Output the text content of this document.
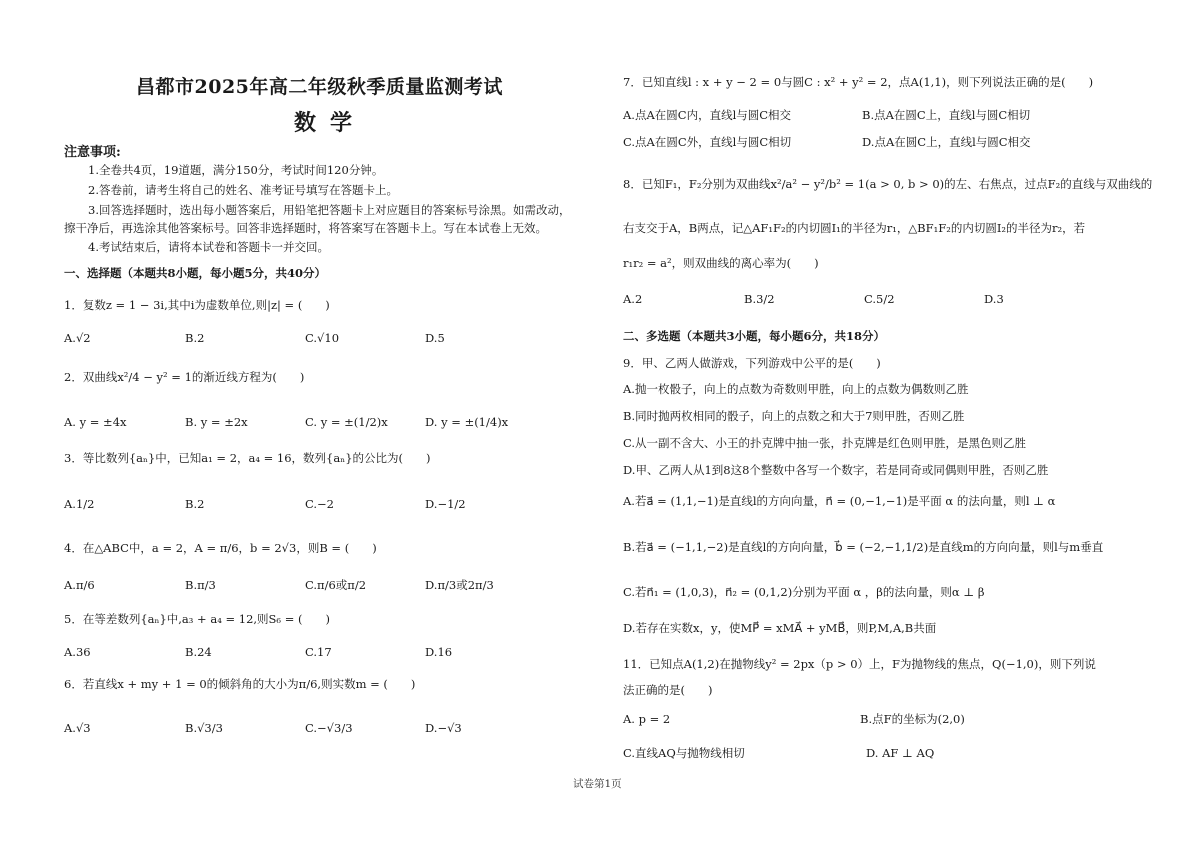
昌都市2025年高二年级秋季质量监测考试
数学
注意事项:
1.全卷共4页，19道题，满分150分，考试时间120分钟。
2.答卷前，请考生将自己的姓名、准考证号填写在答题卡上。
3.回答选择题时，选出每小题答案后，用铅笔把答题卡上对应题目的答案标号涂黑。如需改动，
擦干净后，再选涂其他答案标号。回答非选择题时，将答案写在答题卡上。写在本试卷上无效。
4.考试结束后，请将本试卷和答题卡一并交回。
一、选择题（本题共8小题，每小题5分，共40分）
1．复数z = 1 − 3i,其中i为虚数单位,则|z| = (　　)
A.√2	B.2	C.√10	D.5
2．双曲线x²/4 − y² = 1的渐近线方程为(　　)
A. y = ±4x	B. y = ±2x	C. y = ±(1/2)x	D. y = ±(1/4)x
3．等比数列{aₙ}中，已知a₁ = 2，a₄ = 16，数列{aₙ}的公比为(　　)
A.1/2	B.2	C.−2	D.−1/2
4．在△ABC中，a = 2，A = π/6，b = 2√3，则B = (　　)
A.π/6	B.π/3	C.π/6或π/2	D.π/3或2π/3
5．在等差数列{aₙ}中,a₃ + a₄ = 12,则S₆ = (　　)
A.36	B.24	C.17	D.16
6．若直线x + my + 1 = 0的倾斜角的大小为π/6,则实数m = (　　)
A.√3	B.√3/3	C.−√3/3	D.−√3
7．已知直线l : x + y − 2 = 0与圆C : x² + y² = 2，点A(1,1)，则下列说法正确的是(　　)
A.点A在圆C内，直线l与圆C相交	B.点A在圆C上，直线l与圆C相切
C.点A在圆C外，直线l与圆C相切	D.点A在圆C上，直线l与圆C相交
8．已知F₁，F₂分别为双曲线x²/a² − y²/b² = 1(a > 0, b > 0)的左、右焦点，过点F₂的直线与双曲线的
右支交于A，B两点，记△AF₁F₂的内切圆I₁的半径为r₁，△BF₁F₂的内切圆I₂的半径为r₂，若
r₁r₂ = a²，则双曲线的离心率为(　　)
A.2	B.3/2	C.5/2	D.3
二、多选题（本题共3小题，每小题6分，共18分）
9．甲、乙两人做游戏，下列游戏中公平的是(　　)
A.抛一枚骰子，向上的点数为奇数则甲胜，向上的点数为偶数则乙胜
B.同时抛两枚相同的骰子，向上的点数之和大于7则甲胜，否则乙胜
C.从一副不含大、小王的扑克牌中抽一张，扑克牌是红色则甲胜，是黑色则乙胜
D.甲、乙两人从1到8这8个整数中各写一个数字，若是同奇或同偶则甲胜，否则乙胜
A.若a⃗ = (1,1,−1)是直线l的方向向量，n⃗ = (0,−1,−1)是平面 α 的法向量，则l ⊥ α
B.若a⃗ = (−1,1,−2)是直线l的方向向量，b⃗ = (−2,−1,1/2)是直线m的方向向量，则l与m垂直
C.若n⃗₁ = (1,0,3)，n⃗₂ = (0,1,2)分别为平面 α ，β的法向量，则α ⊥ β
D.若存在实数x，y，使MP⃗ = xMA⃗ + yMB⃗，则P,M,A,B共面
11．已知点A(1,2)在抛物线y² = 2px（p > 0）上，F为抛物线的焦点，Q(−1,0)，则下列说
法正确的是(　　)
A. p = 2	B.点F的坐标为(2,0)
C.直线AQ与抛物线相切	D. AF ⊥ AQ
试卷第1页
